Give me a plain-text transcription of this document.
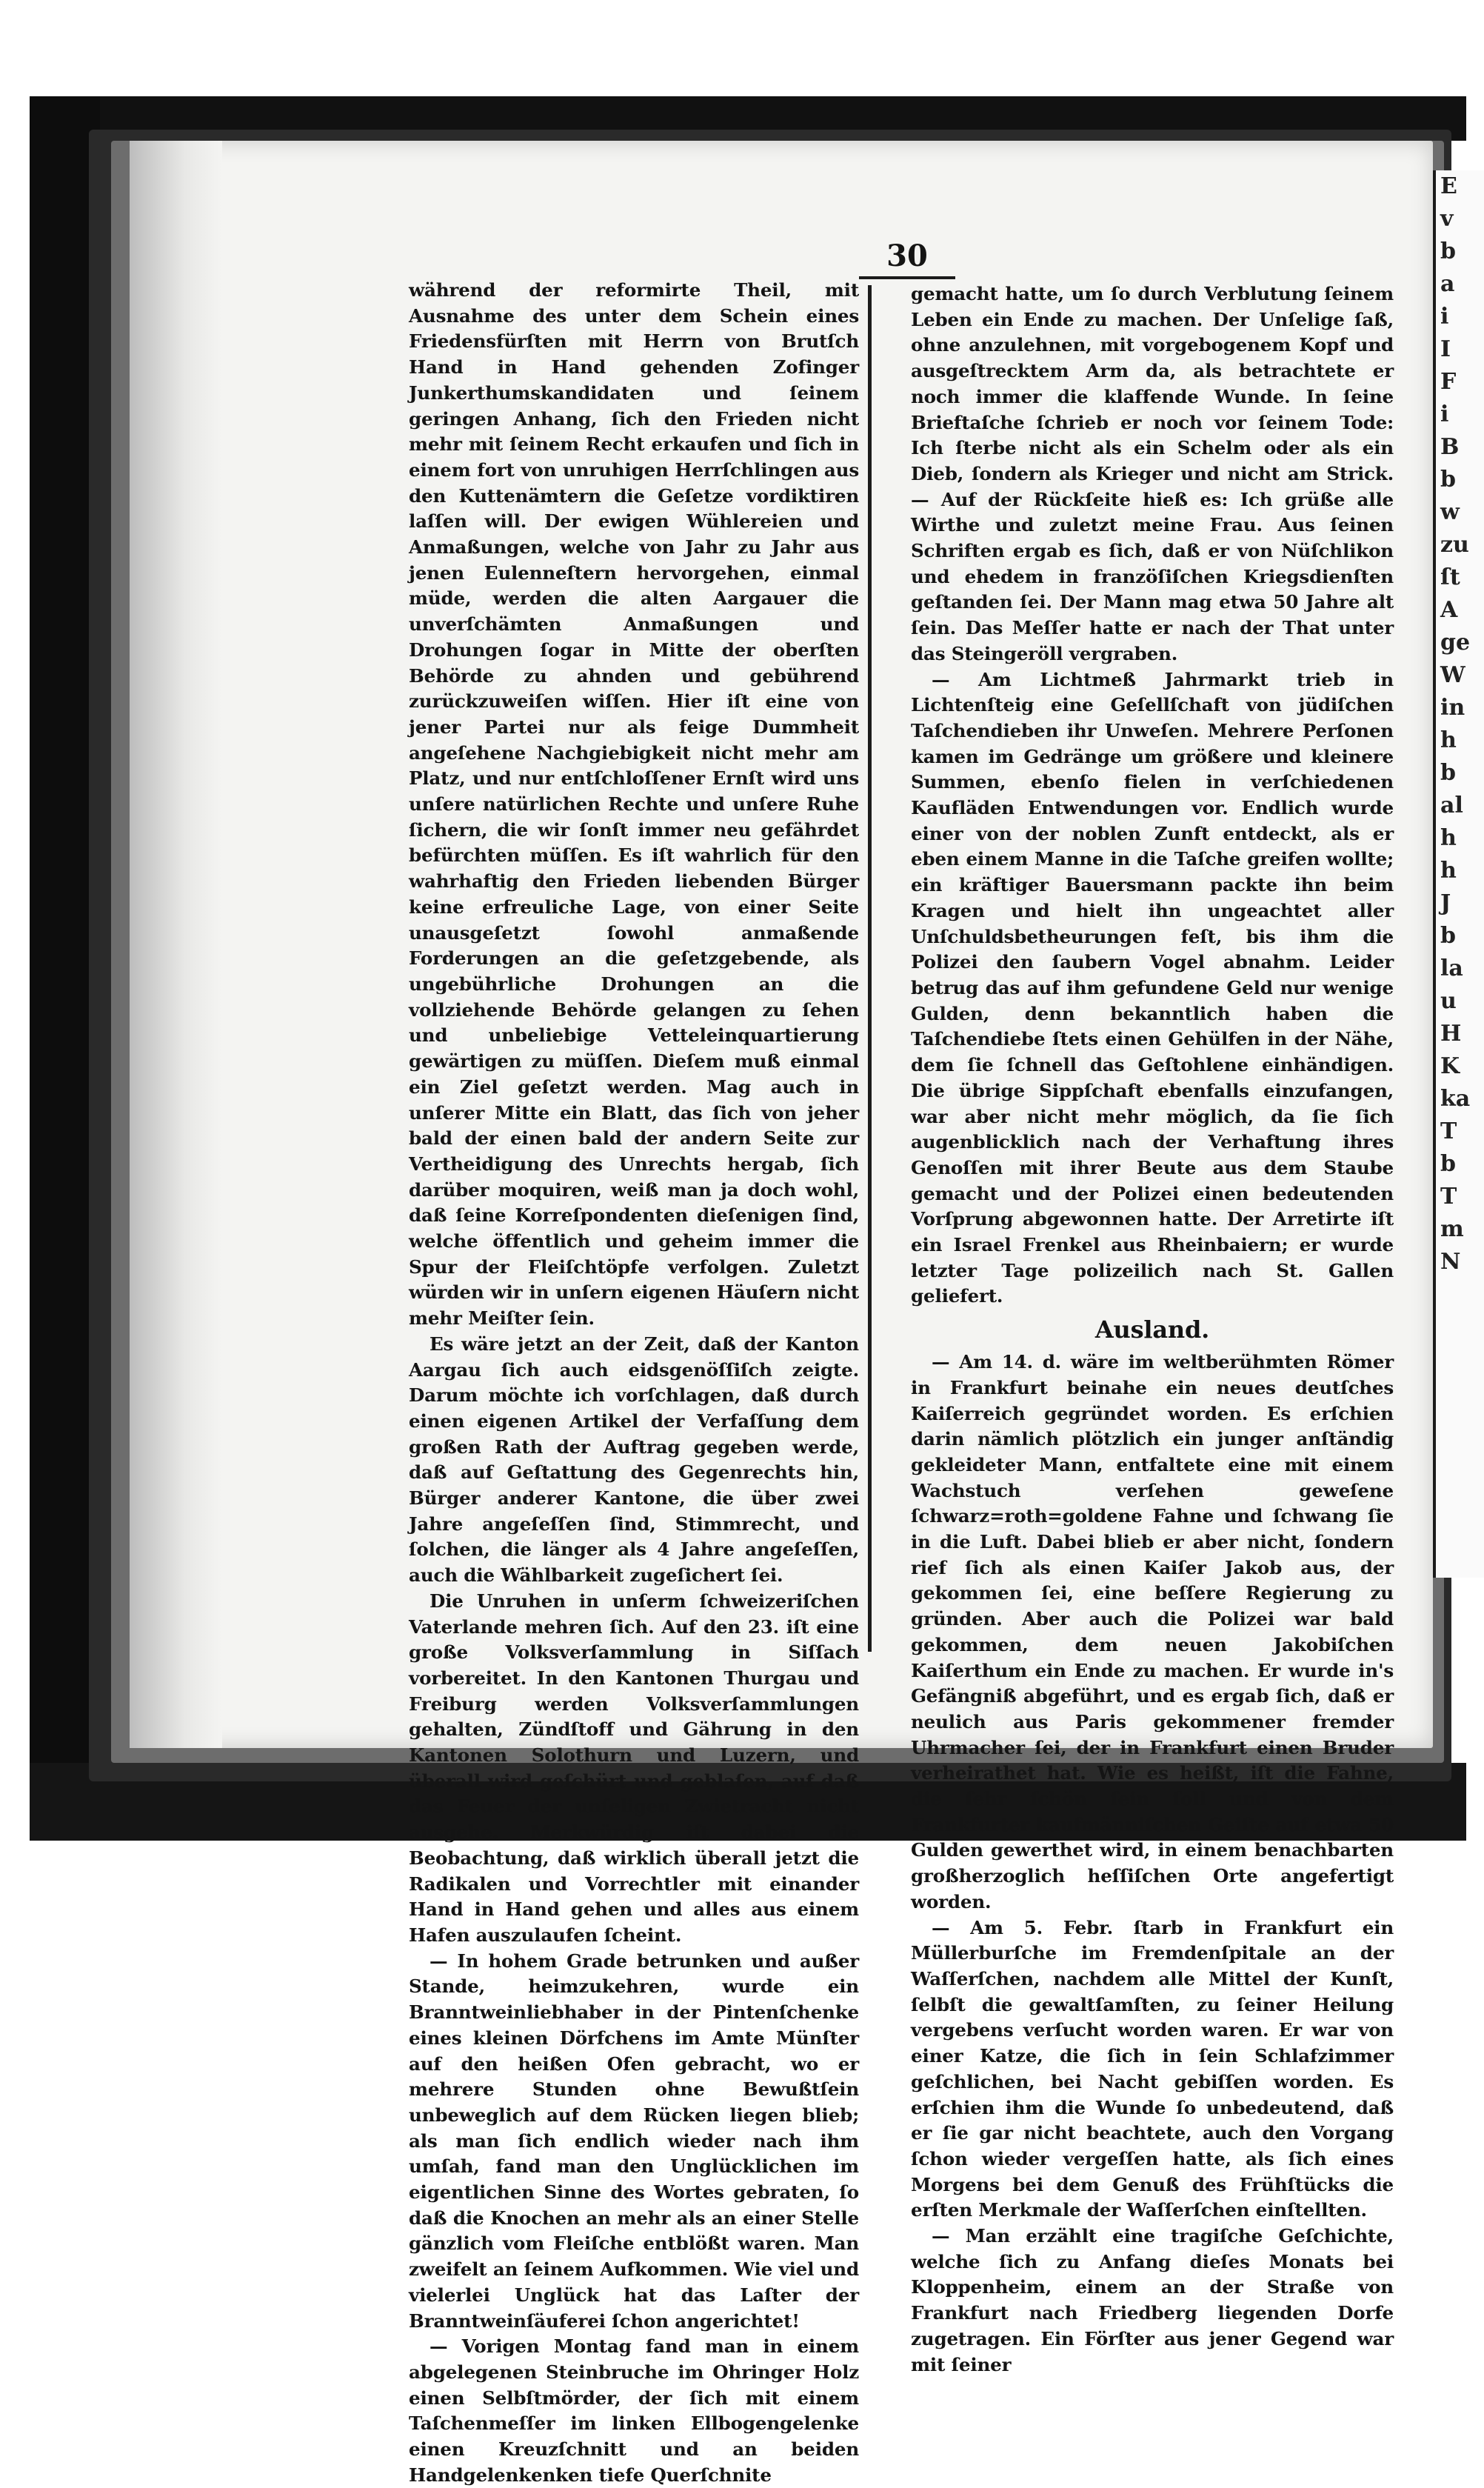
E
v
b
a
i
I
F
i
B
b
w
zu
ſt
A
ge
W
in
h
b
al
h
h
J
b
la
u
H
K
ka
T
b
T
m
N
30

während der reformirte Theil, mit Ausnahme des unter dem Schein eines Friedensfürſten mit Herrn von Brutſch Hand in Hand gehenden Zofinger Junkerthumskandidaten und ſeinem geringen Anhang, ſich den Frieden nicht mehr mit ſeinem Recht erkaufen und ſich in einem fort von unruhigen Herrſchlingen aus den Kuttenämtern die Geſetze vordiktiren laſſen will. Der ewigen Wühlereien und Anmaßungen, welche von Jahr zu Jahr aus jenen Eulenneſtern hervorgehen, einmal müde, werden die alten Aargauer die unverſchämten Anmaßungen und Drohungen ſogar in Mitte der oberſten Behörde zu ahnden und gebührend zurückzuweiſen wiſſen. Hier iſt eine von jener Partei nur als feige Dummheit angeſehene Nachgiebigkeit nicht mehr am Platz, und nur entſchloſſener Ernſt wird uns unſere natürlichen Rechte und unſere Ruhe ſichern, die wir ſonſt immer neu gefährdet befürchten müſſen. Es iſt wahrlich für den wahrhaftig den Frieden liebenden Bürger keine erfreuliche Lage, von einer Seite unausgeſetzt ſowohl anmaßende Forderungen an die geſetzgebende, als ungebührliche Drohungen an die vollziehende Behörde gelangen zu ſehen und unbeliebige Vetteleinquartierung gewärtigen zu müſſen. Dieſem muß einmal ein Ziel geſetzt werden. Mag auch in unſerer Mitte ein Blatt, das ſich von jeher bald der einen bald der andern Seite zur Vertheidigung des Unrechts hergab, ſich darüber moquiren, weiß man ja doch wohl, daß ſeine Korreſpondenten dieſenigen ſind, welche öffentlich und geheim immer die Spur der Fleiſchtöpfe verfolgen. Zuletzt würden wir in unſern eigenen Häuſern nicht mehr Meiſter ſein.

Es wäre jetzt an der Zeit, daß der Kanton Aargau ſich auch eidsgenöſſiſch zeigte. Darum möchte ich vorſchlagen, daß durch einen eigenen Artikel der Verfaſſung dem großen Rath der Auftrag gegeben werde, daß auf Geſtattung des Gegenrechts hin, Bürger anderer Kantone, die über zwei Jahre angeſeſſen ſind, Stimmrecht, und ſolchen, die länger als 4 Jahre angeſeſſen, auch die Wählbarkeit zugeſichert ſei.

Die Unruhen in unſerm ſchweizeriſchen Vaterlande mehren ſich. Auf den 23. iſt eine große Volksverſammlung in Siſſach vorbereitet. In den Kantonen Thurgau und Freiburg werden Volksverſammlungen gehalten, Zündſtoff und Gährung in den Kantonen Solothurn und Luzern, und überall wird geſchürt und geblaſen, auf daß das Feuer der unſeligen Zwietracht nicht ausgehe. Merkwürdig iſt dabei die Beobachtung, daß wirklich überall jetzt die Radikalen und Vorrechtler mit einander Hand in Hand gehen und alles aus einem Hafen auszulaufen ſcheint.

— In hohem Grade betrunken und außer Stande, heimzukehren, wurde ein Branntweinliebhaber in der Pintenſchenke eines kleinen Dörfchens im Amte Münſter auf den heißen Ofen gebracht, wo er mehrere Stunden ohne Bewußtſein unbeweglich auf dem Rücken liegen blieb; als man ſich endlich wieder nach ihm umſah, fand man den Unglücklichen im eigentlichen Sinne des Wortes gebraten, ſo daß die Knochen an mehr als an einer Stelle gänzlich vom Fleiſche entblößt waren. Man zweifelt an ſeinem Aufkommen. Wie viel und vielerlei Unglück hat das Laſter der Branntweinſäuferei ſchon angerichtet!

— Vorigen Montag fand man in einem abgelegenen Steinbruche im Ohringer Holz einen Selbſtmörder, der ſich mit einem Taſchenmeſſer im linken Ellbogengelenke einen Kreuzſchnitt und an beiden Handgelenkenken tiefe Querſchnite

gemacht hatte, um ſo durch Verblutung ſeinem Leben ein Ende zu machen. Der Unſelige ſaß, ohne anzulehnen, mit vorgebogenem Kopf und ausgeſtrecktem Arm da, als betrachtete er noch immer die klaffende Wunde. In ſeine Brieftaſche ſchrieb er noch vor ſeinem Tode: Ich ſterbe nicht als ein Schelm oder als ein Dieb, ſondern als Krieger und nicht am Strick. — Auf der Rückſeite hieß es: Ich grüße alle Wirthe und zuletzt meine Frau. Aus ſeinen Schriften ergab es ſich, daß er von Nüſchlikon und ehedem in franzöſiſchen Kriegsdienſten geſtanden ſei. Der Mann mag etwa 50 Jahre alt ſein. Das Meſſer hatte er nach der That unter das Steingeröll vergraben.

— Am Lichtmeß Jahrmarkt trieb in Lichtenſteig eine Geſellſchaft von jüdiſchen Taſchendieben ihr Unweſen. Mehrere Perſonen kamen im Gedränge um größere und kleinere Summen, ebenſo fielen in verſchiedenen Kaufläden Entwendungen vor. Endlich wurde einer von der noblen Zunft entdeckt, als er eben einem Manne in die Taſche greifen wollte; ein kräftiger Bauersmann packte ihn beim Kragen und hielt ihn ungeachtet aller Unſchuldsbetheurungen feſt, bis ihm die Polizei den ſaubern Vogel abnahm. Leider betrug das auf ihm gefundene Geld nur wenige Gulden, denn bekanntlich haben die Taſchendiebe ſtets einen Gehülfen in der Nähe, dem ſie ſchnell das Geſtohlene einhändigen. Die übrige Sippſchaft ebenfalls einzufangen, war aber nicht mehr möglich, da ſie ſich augenblicklich nach der Verhaftung ihres Genoſſen mit ihrer Beute aus dem Staube gemacht und der Polizei einen bedeutenden Vorſprung abgewonnen hatte. Der Arretirte iſt ein Israel Frenkel aus Rheinbaiern; er wurde letzter Tage polizeilich nach St. Gallen geliefert.

Ausland.

— Am 14. d. wäre im weltberühmten Römer in Frankfurt beinahe ein neues deutſches Kaiſerreich gegründet worden. Es erſchien darin nämlich plötzlich ein junger anſtändig gekleideter Mann, entfaltete eine mit einem Wachstuch verſehen geweſene ſchwarz=roth=goldene Fahne und ſchwang ſie in die Luft. Dabei blieb er aber nicht, ſondern rief ſich als einen Kaiſer Jakob aus, der gekommen ſei, eine beſſere Regierung zu gründen. Aber auch die Polizei war bald gekommen, dem neuen Jakobiſchen Kaiſerthum ein Ende zu machen. Er wurde in's Gefängniß abgeführt, und es ergab ſich, daß er neulich aus Paris gekommener fremder Uhrmacher ſei, der in Frankfurt einen Bruder verheirathet hat. Wie es heißt, iſt die Fahne, die ſehr ſchön ſein ſoll und von dem Frankfurter kaufmänniſchen Geiſte auf etwa 50 Gulden gewerthet wird, in einem benachbarten großherzoglich heſſiſchen Orte angefertigt worden.

— Am 5. Febr. ſtarb in Frankfurt ein Müllerburſche im Fremdenſpitale an der Waſſerſchen, nachdem alle Mittel der Kunſt, ſelbſt die gewaltſamſten, zu ſeiner Heilung vergebens verſucht worden waren. Er war von einer Katze, die ſich in ſein Schlafzimmer geſchlichen, bei Nacht gebiſſen worden. Es erſchien ihm die Wunde ſo unbedeutend, daß er ſie gar nicht beachtete, auch den Vorgang ſchon wieder vergeſſen hatte, als ſich eines Morgens bei dem Genuß des Frühſtücks die erſten Merkmale der Waſſerſchen einſtellten.

— Man erzählt eine tragiſche Geſchichte, welche ſich zu Anfang dieſes Monats bei Kloppenheim, einem an der Straße von Frankfurt nach Friedberg liegenden Dorfe zugetragen. Ein Förſter aus jener Gegend war mit ſeiner
